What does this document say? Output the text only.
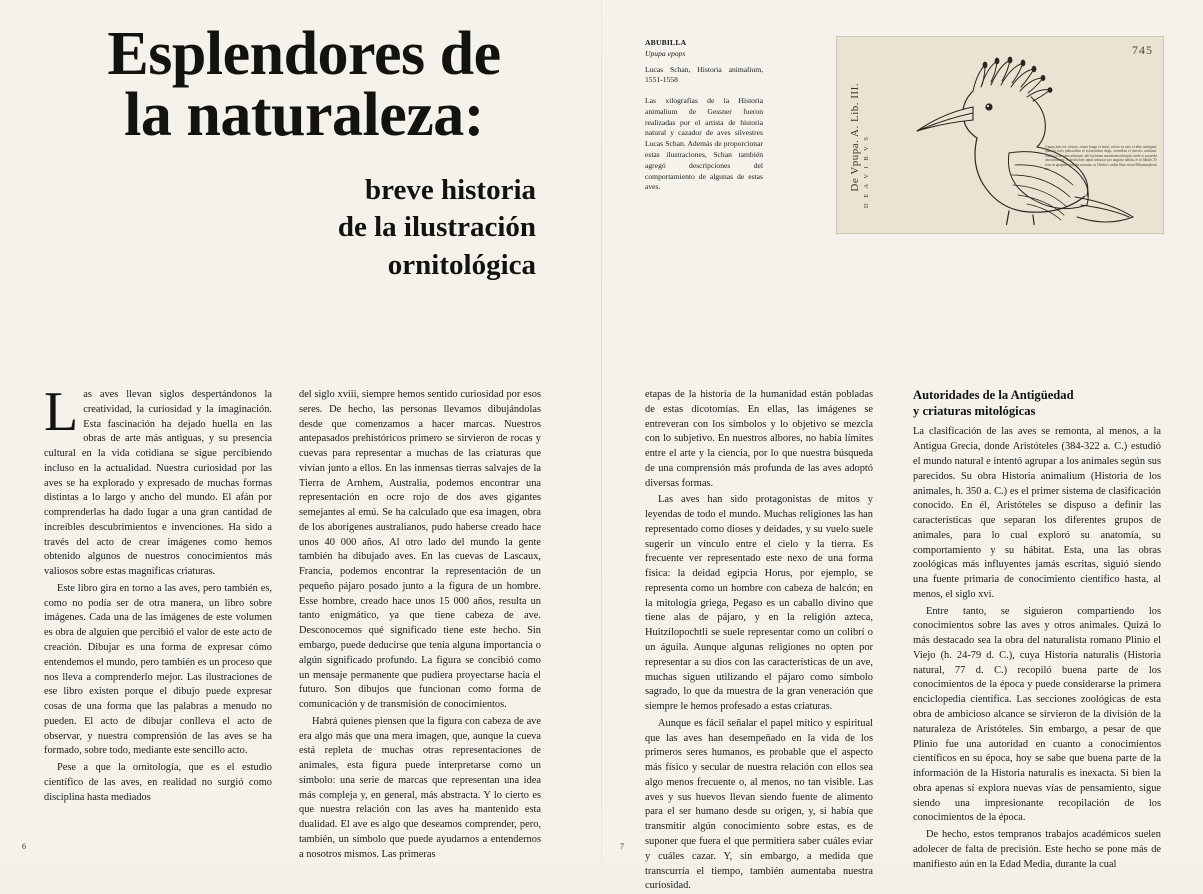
Esplendores de
la naturaleza:
breve historia
de la ilustración
ornitológica
ABUBILLA
Upupa epops
Lucas Schan, Historia animalium, 1551-1558
Las xilografías de la Historia animalium de Gessner fueron realizadas por el artista de historia natural y cazador de aves silvestres Lucas Schan. Además de proporcionar estas ilustraciones, Schan también agregó descripciones del comportamiento de algunas de estas aves.
745
De Vpupa. A. Lib. III. D E A V I B V S	Vpupa auis est cristata, rostro longo et tenui, colore ex rufo et albo uariegata, quae in locis palustribus et syluestribus degit, uermibus et insectis uictitans. Nidificat in cauis arborum, ubi foetorem maximum relinquit, unde et prouerbium natum est. Auicula haec apud antiquos pro augurio habita, et in fabulis Tereus in upupam mutatus narratur, ut Ouidius scribit libro sexto Metamorphoseon.

Las aves llevan siglos despertándonos la creatividad, la curiosidad y la imaginación. Esta fascinación ha dejado huella en las obras de arte más antiguas, y su presencia cultural en la vida cotidiana se sigue percibiendo incluso en la actualidad. Nuestra curiosidad por las aves se ha explorado y expresado de muchas formas distintas a lo largo y ancho del mundo. El afán por comprenderlas ha dado lugar a una gran cantidad de increíbles descubrimientos e invenciones. Ha sido a través del acto de crear imágenes como hemos obtenido algunos de nuestros conocimientos más valiosos sobre estas magníficas criaturas.

Este libro gira en torno a las aves, pero también es, como no podía ser de otra manera, un libro sobre imágenes. Cada una de las imágenes de este volumen es obra de alguien que percibió el valor de este acto de creación. Dibujar es una forma de expresar cómo entendemos el mundo, pero también es un proceso que nos lleva a comprenderlo mejor. Las ilustraciones de ese libro existen porque el dibujo puede expresar cosas de una forma que las palabras a menudo no pueden. El acto de dibujar conlleva el acto de observar, y nuestra comprensión de las aves se ha formado, sobre todo, mediante este sencillo acto.

Pese a que la ornitología, que es el estudio científico de las aves, en realidad no surgió como disciplina hasta mediados

del siglo xviii, siempre hemos sentido curiosidad por esos seres. De hecho, las personas llevamos dibujándolas desde que comenzamos a hacer marcas. Nuestros antepasados prehistóricos primero se sirvieron de rocas y cuevas para representar a muchas de las criaturas que vivían junto a ellos. En las inmensas tierras salvajes de la Tierra de Arnhem, Australia, podemos encontrar una representación en ocre rojo de dos aves gigantes semejantes al emú. Se ha calculado que esa imagen, obra de los aborígenes australianos, pudo haberse creado hace unos 40 000 años. Al otro lado del mundo la gente también ha dibujado aves. En las cuevas de Lascaux, Francia, podemos encontrar la representación de un pequeño pájaro posado junto a la figura de un hombre. Esse hombre, creado hace unos 15 000 años, resulta un tanto enigmático, ya que tiene cabeza de ave. Desconocemos qué significado tiene este hecho. Sin embargo, puede deducirse que tenía alguna importancia o algún significado profundo. La figura se concibió como un mensaje permanente que pudiera proyectarse hacia el futuro. Son dibujos que funcionan como forma de comunicación y de transmisión de conocimientos.

Habrá quienes piensen que la figura con cabeza de ave era algo más que una mera imagen, que, aunque la cueva está repleta de muchas otras representaciones de animales, esta figura puede interpretarse como un símbolo: una serie de marcas que representan una idea más compleja y, en general, más abstracta. Y lo cierto es que nuestra relación con las aves ha mantenido esta dualidad. El ave es algo que deseamos comprender, pero, también, un símbolo que puede ayudarnos a entendernos a nosotros mismos. Las primeras

etapas de la historia de la humanidad están pobladas de estas dicotomías. En ellas, las imágenes se entreveran con los símbolos y lo objetivo se mezcla con lo subjetivo. En nuestros albores, no había límites entre el arte y la ciencia, por lo que nuestra búsqueda de una comprensión más profunda de las aves adoptó diversas formas.

Las aves han sido protagonistas de mitos y leyendas de todo el mundo. Muchas religiones las han representado como dioses y deidades, y su vuelo suele sugerir un vínculo entre el cielo y la tierra. Es frecuente ver representado este nexo de una forma física: la deidad egipcia Horus, por ejemplo, se representa como un hombre con cabeza de halcón; en la mitología griega, Pegaso es un caballo divino que tiene alas de pájaro, y en la religión azteca, Huitzilopochtli se suele representar como un colibrí o un águila. Aunque algunas religiones no opten por representar a su dios con las características de un ave, muchas siguen utilizando el pájaro como símbolo sagrado, lo que da muestra de la gran veneración que siempre le hemos profesado a estas criaturas.

Aunque es fácil señalar el papel mítico y espiritual que las aves han desempeñado en la vida de los primeros seres humanos, es probable que el aspecto más físico y secular de nuestra relación con ellos sea algo menos frecuente o, al menos, no tan visible. Las aves y sus huevos llevan siendo fuente de alimento para el ser humano desde su origen, y, si había que transmitir algún conocimiento sobre estas, es de suponer que fuera el que permitiera saber cuáles eviar y cuáles cazar. Y, sin embargo, a medida que transcurría el tiempo, también aumentaba nuestra curiosidad.

Autoridades de la Antigüedad
y criaturas mitológicas

La clasificación de las aves se remonta, al menos, a la Antigua Grecia, donde Aristóteles (384-322 a. C.) estudió el mundo natural e intentó agrupar a los animales según sus parecidos. Su obra Historia animalium (Historia de los animales, h. 350 a. C.) es el primer sistema de clasificación conocido. En él, Aristóteles se dispuso a definir las características que separan los diferentes grupos de animales, para lo cual exploró su anatomía, su comportamiento y su hábitat. Esta, una las obras zoológicas más influyentes jamás escritas, siguió siendo una fuente primaria de conocimiento científico hasta, al menos, el siglo xvi.

Entre tanto, se siguieron compartiendo los conocimientos sobre las aves y otros animales. Quizá lo más destacado sea la obra del naturalista romano Plinio el Viejo (h. 24-79 d. C.), cuya Historia naturalis (Historia natural, 77 d. C.) recopiló buena parte de los conocimientos de la época y puede considerarse la primera enciclopedia científica. Las secciones zoológicas de esta obra de ambicioso alcance se sirvieron de la división de la naturaleza de Aristóteles. Sin embargo, a pesar de que Plinio fue una autoridad en cuanto a conocimientos científicos en su época, hoy se sabe que buena parte de la información de la Historia naturalis es inexacta. Si bien la obra apenas sí explora nuevas vías de pensamiento, sigue siendo una impresionante recopilación de los conocimientos de la época.

De hecho, estos tempranos trabajos académicos suelen adolecer de falta de precisión. Este hecho se pone más de manifiesto aún en la Edad Media, durante la cual

6	7
